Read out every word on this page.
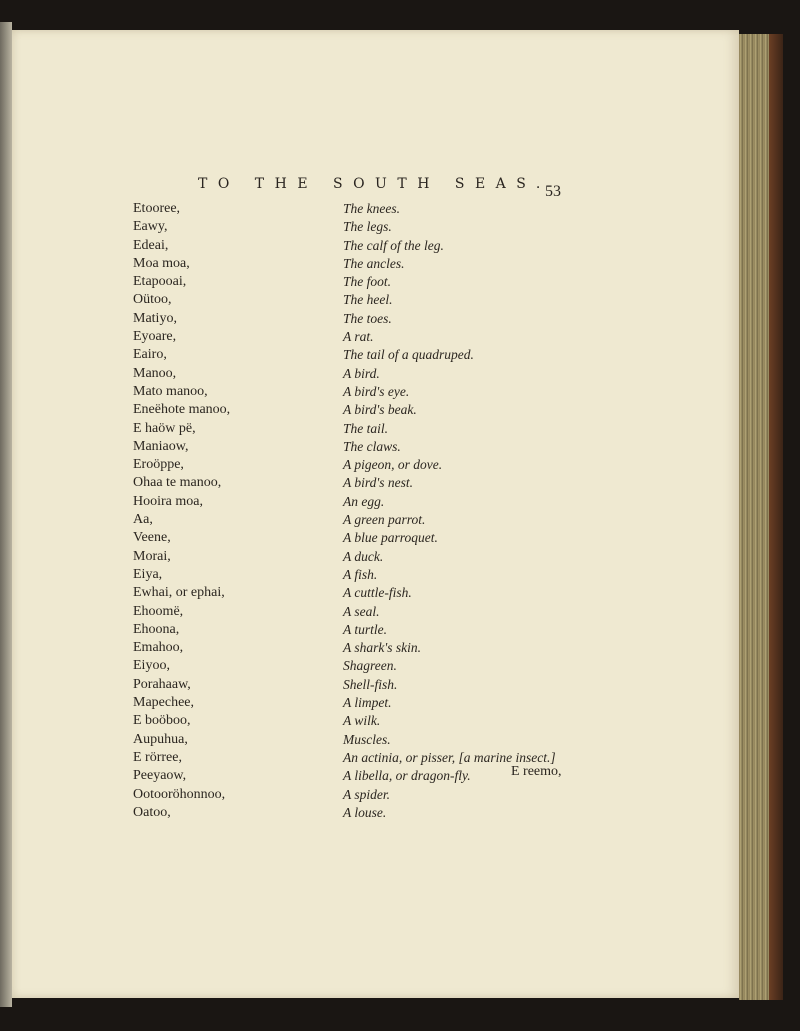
TO THE SOUTH SEAS.
53
Etooree,
Eawy,
Edeai,
Moa moa,
Etapooai,
Oütoo,
Matiyo,
Eyoare,
Eairo,
Manoo,
Mato manoo,
Eneëhote manoo,
E haöw pë,
Maniaow,
Eroöppe,
Ohaa te manoo,
Hooira moa,
Aa,
Veene,
Morai,
Eiya,
Ewhai, or ephai,
Ehoomë,
Ehoona,
Emahoo,
Eiyoo,
Porahaaw,
Mapechee,
E boöboo,
Aupuhua,
E rörree,
Peeyaow,
Ootooröhonnoo,
Oatoo,
The knees.
The legs.
The calf of the leg.
The ancles.
The foot.
The heel.
The toes.
A rat.
The tail of a quadruped.
A bird.
A bird's eye.
A bird's beak.
The tail.
The claws.
A pigeon, or dove.
A bird's nest.
An egg.
A green parrot.
A blue parroquet.
A duck.
A fish.
A cuttle-fish.
A seal.
A turtle.
A shark's skin.
Shagreen.
Shell-fish.
A limpet.
A wilk.
Muscles.
An actinia, or pisser, [a marine insect.]
A libella, or dragon-fly.
A spider.
A louse.
E reemo,
